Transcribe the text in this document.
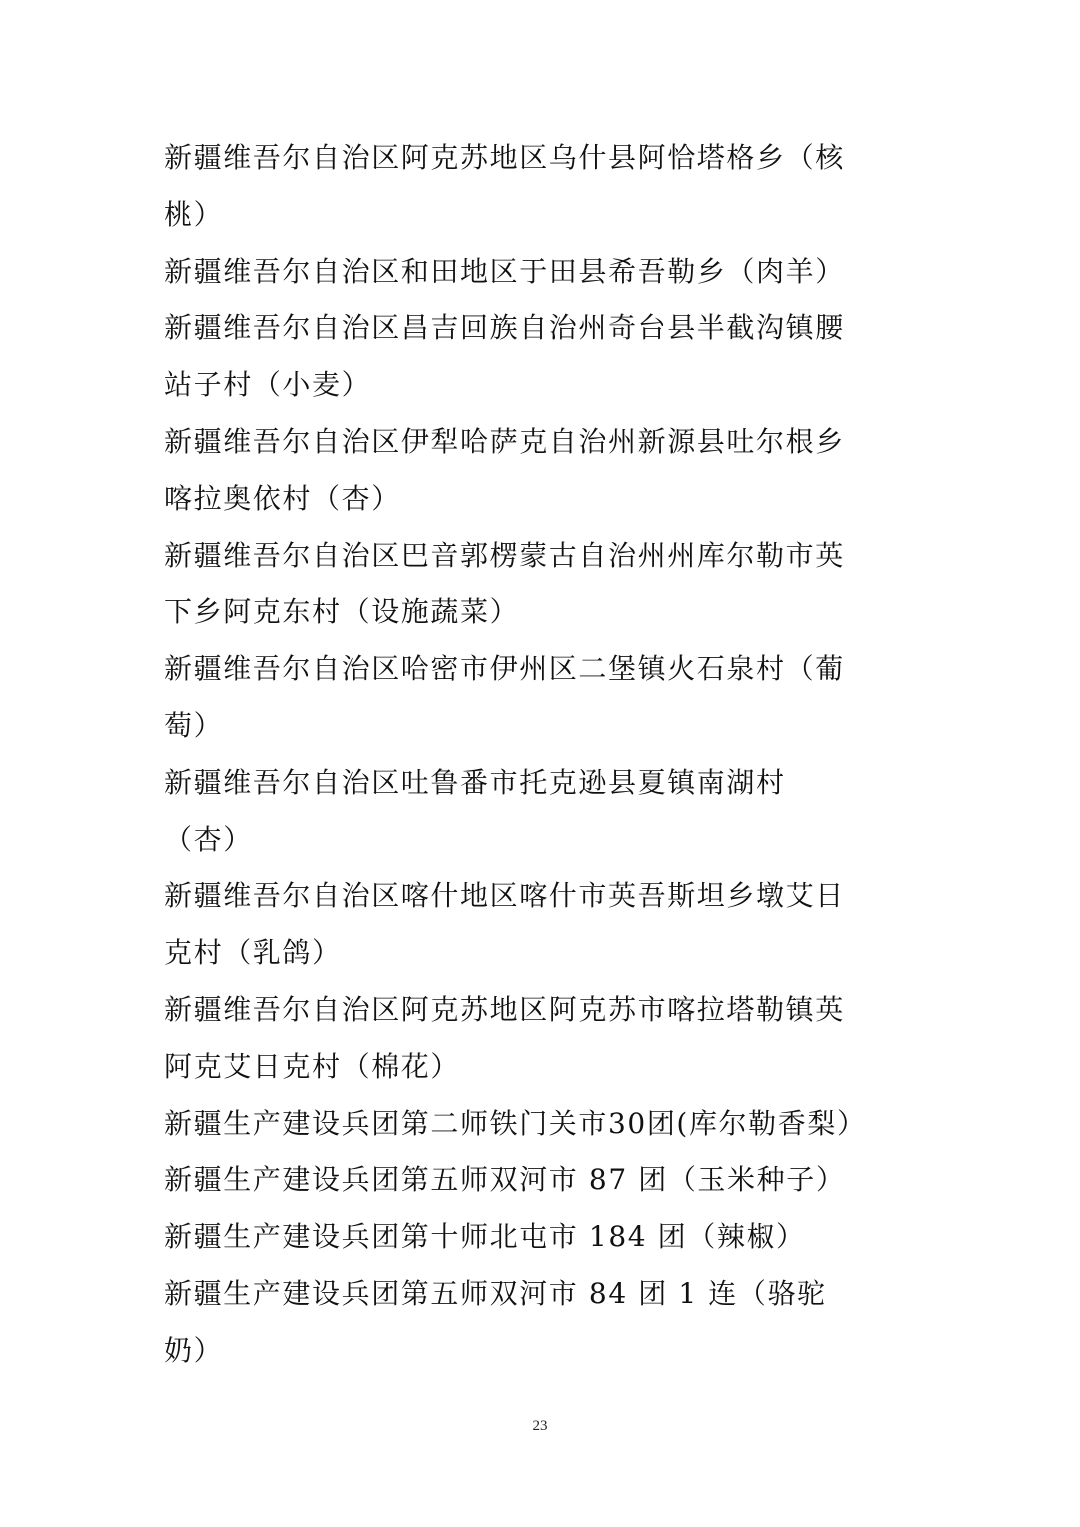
新疆维吾尔自治区阿克苏地区乌什县阿恰塔格乡（核桃）
新疆维吾尔自治区和田地区于田县希吾勒乡（肉羊）
新疆维吾尔自治区昌吉回族自治州奇台县半截沟镇腰站子村（小麦）
新疆维吾尔自治区伊犁哈萨克自治州新源县吐尔根乡喀拉奥依村（杏）
新疆维吾尔自治区巴音郭楞蒙古自治州州库尔勒市英下乡阿克东村（设施蔬菜）
新疆维吾尔自治区哈密市伊州区二堡镇火石泉村（葡萄）
新疆维吾尔自治区吐鲁番市托克逊县夏镇南湖村（杏）
新疆维吾尔自治区喀什地区喀什市英吾斯坦乡墩艾日克村（乳鸽）
新疆维吾尔自治区阿克苏地区阿克苏市喀拉塔勒镇英阿克艾日克村（棉花）
新疆生产建设兵团第二师铁门关市30团(库尔勒香梨）
新疆生产建设兵团第五师双河市 87 团（玉米种子）
新疆生产建设兵团第十师北屯市 184 团（辣椒）
新疆生产建设兵团第五师双河市 84 团 1 连（骆驼奶）
23
